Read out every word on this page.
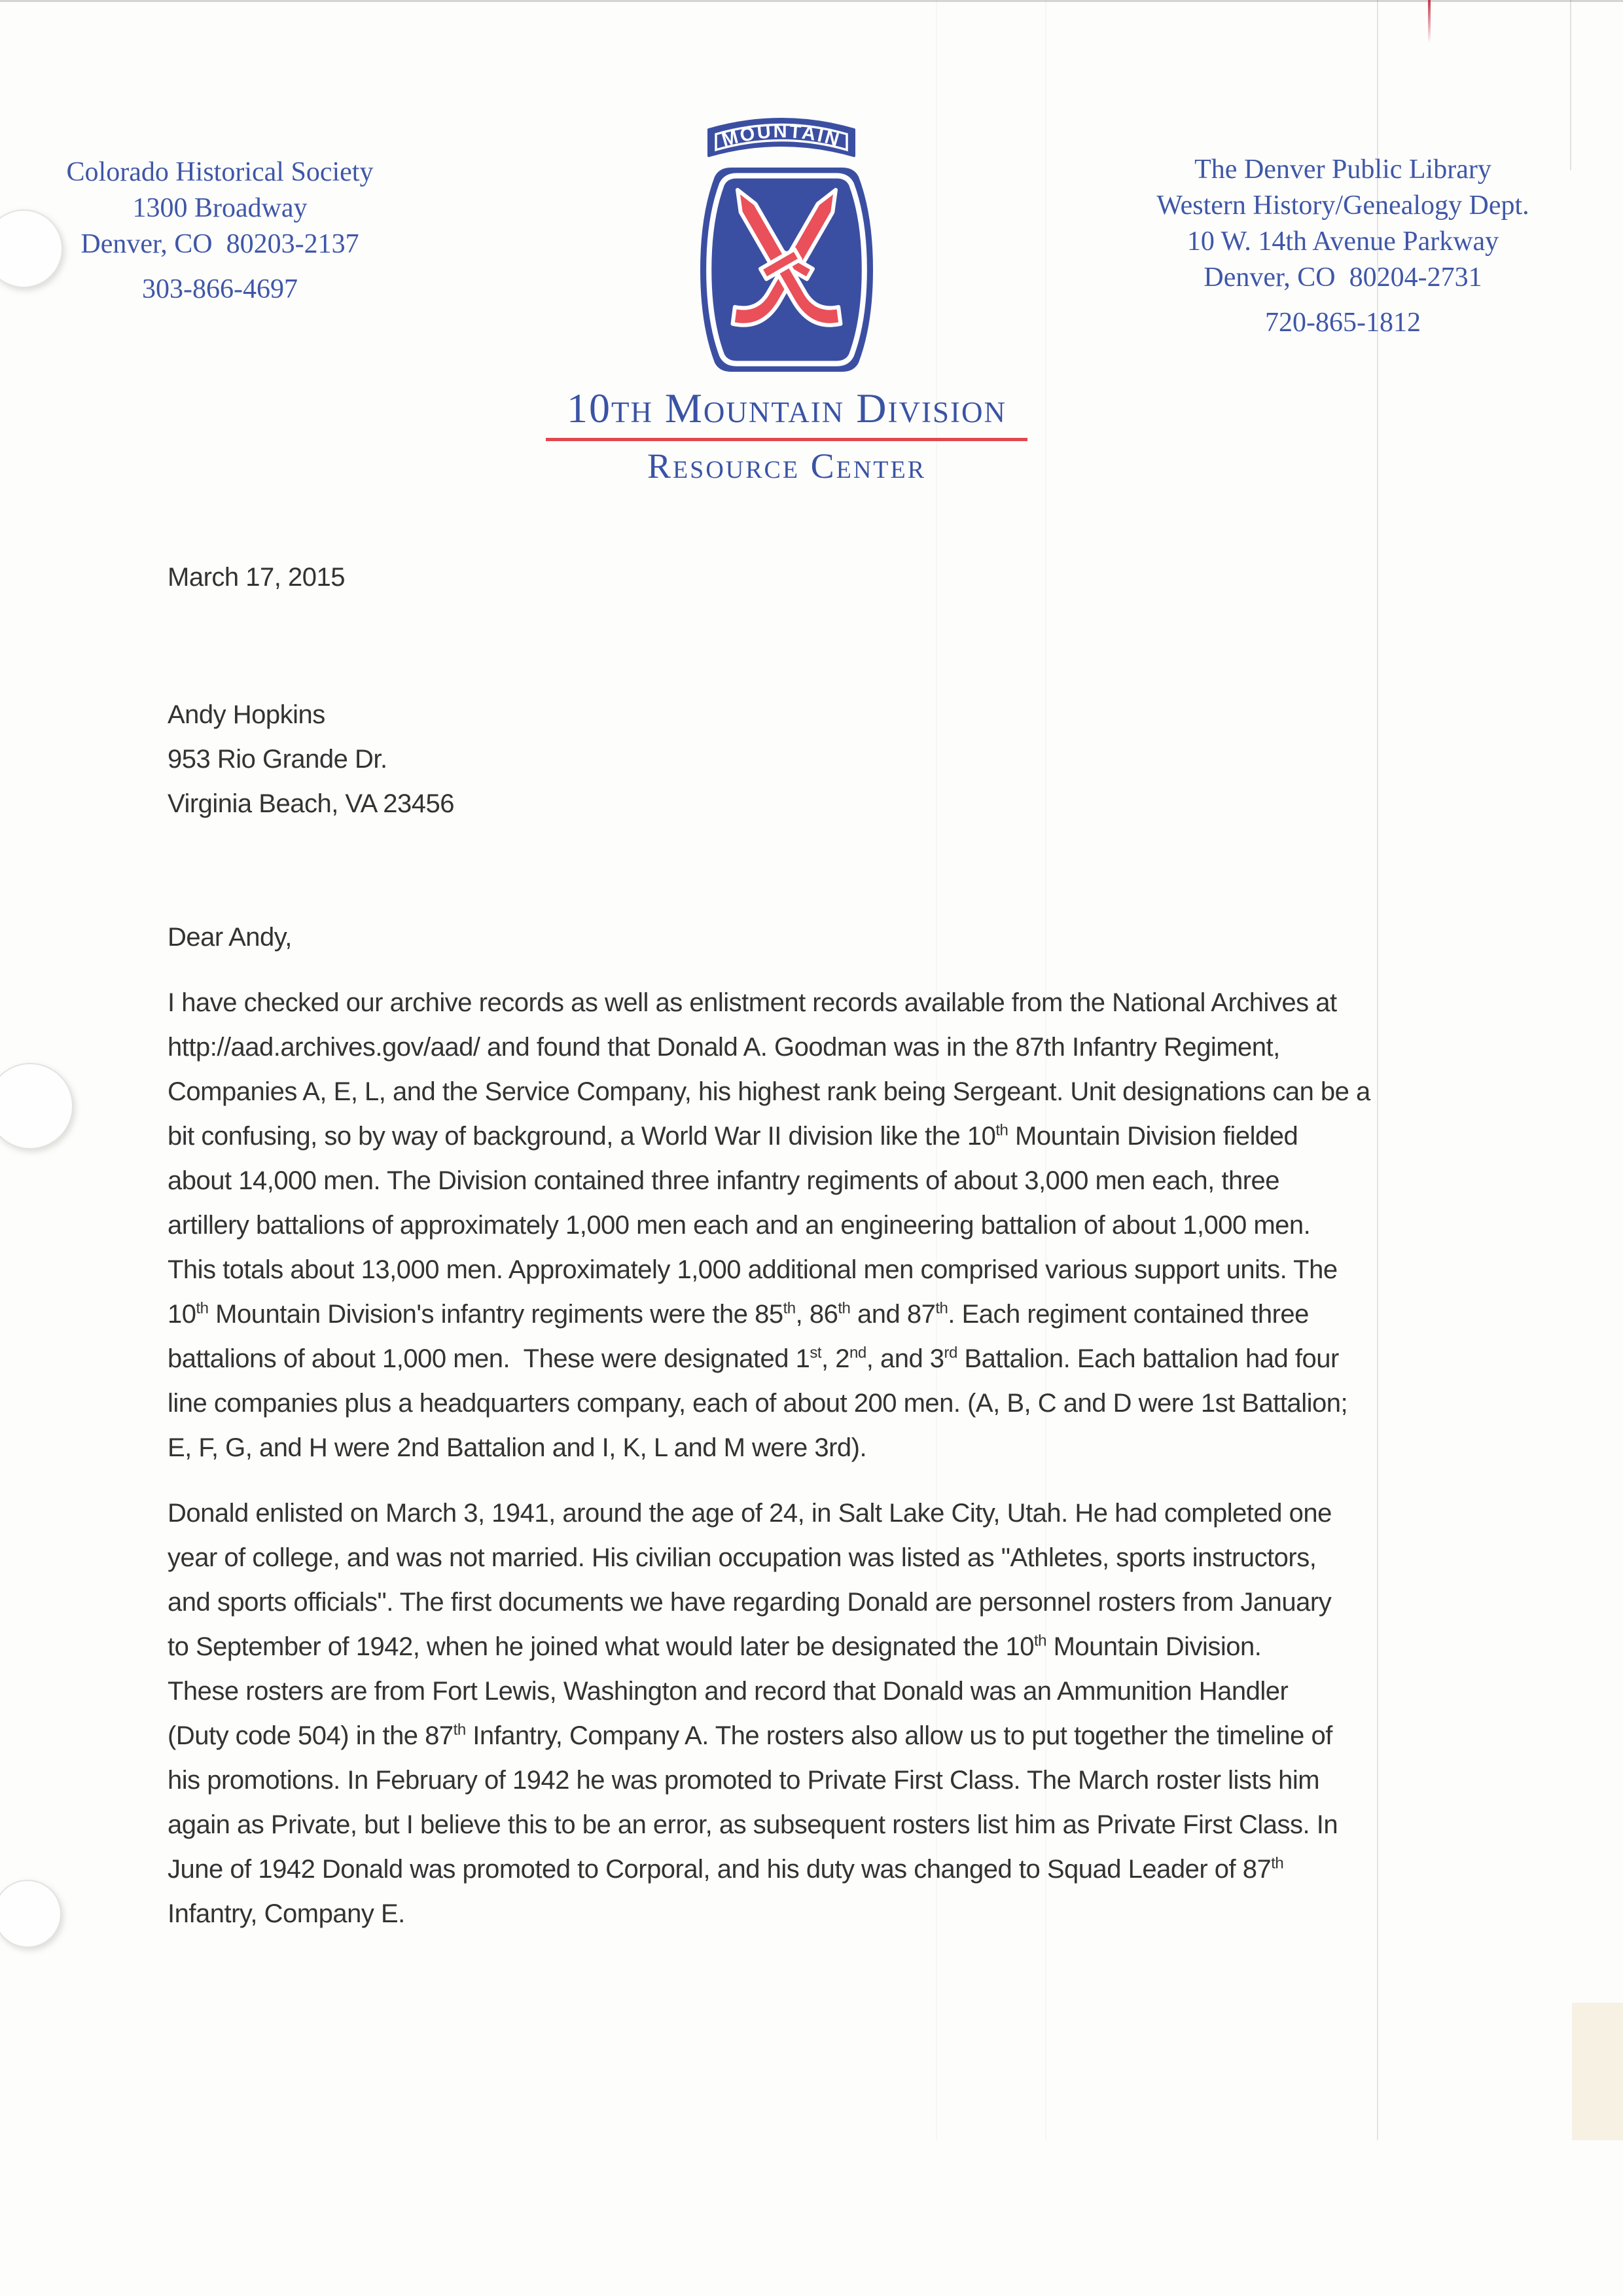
Colorado Historical Society
1300 Broadway
Denver, CO  80203-2137
303-866-4697
The Denver Public Library
Western History/Genealogy Dept.
10 W. 14th Avenue Parkway
Denver, CO  80204-2731
720-865-1812
MOUNTAIN
10th Mountain Division
Resource Center
March 17, 2015
Andy Hopkins
953 Rio Grande Dr.
Virginia Beach, VA 23456
Dear Andy,
I have checked our archive records as well as enlistment records available from the National Archives at
http://aad.archives.gov/aad/ and found that Donald A. Goodman was in the 87th Infantry Regiment,
Companies A, E, L, and the Service Company, his highest rank being Sergeant. Unit designations can be a
bit confusing, so by way of background, a World War II division like the 10th Mountain Division fielded
about 14,000 men. The Division contained three infantry regiments of about 3,000 men each, three
artillery battalions of approximately 1,000 men each and an engineering battalion of about 1,000 men.
This totals about 13,000 men. Approximately 1,000 additional men comprised various support units. The
10th Mountain Division's infantry regiments were the 85th, 86th and 87th. Each regiment contained three
battalions of about 1,000 men.  These were designated 1st, 2nd, and 3rd Battalion. Each battalion had four
line companies plus a headquarters company, each of about 200 men. (A, B, C and D were 1st Battalion;
E, F, G, and H were 2nd Battalion and I, K, L and M were 3rd).
Donald enlisted on March 3, 1941, around the age of 24, in Salt Lake City, Utah. He had completed one
year of college, and was not married. His civilian occupation was listed as "Athletes, sports instructors,
and sports officials". The first documents we have regarding Donald are personnel rosters from January
to September of 1942, when he joined what would later be designated the 10th Mountain Division.
These rosters are from Fort Lewis, Washington and record that Donald was an Ammunition Handler
(Duty code 504) in the 87th Infantry, Company A. The rosters also allow us to put together the timeline of
his promotions. In February of 1942 he was promoted to Private First Class. The March roster lists him
again as Private, but I believe this to be an error, as subsequent rosters list him as Private First Class. In
June of 1942 Donald was promoted to Corporal, and his duty was changed to Squad Leader of 87th
Infantry, Company E.
